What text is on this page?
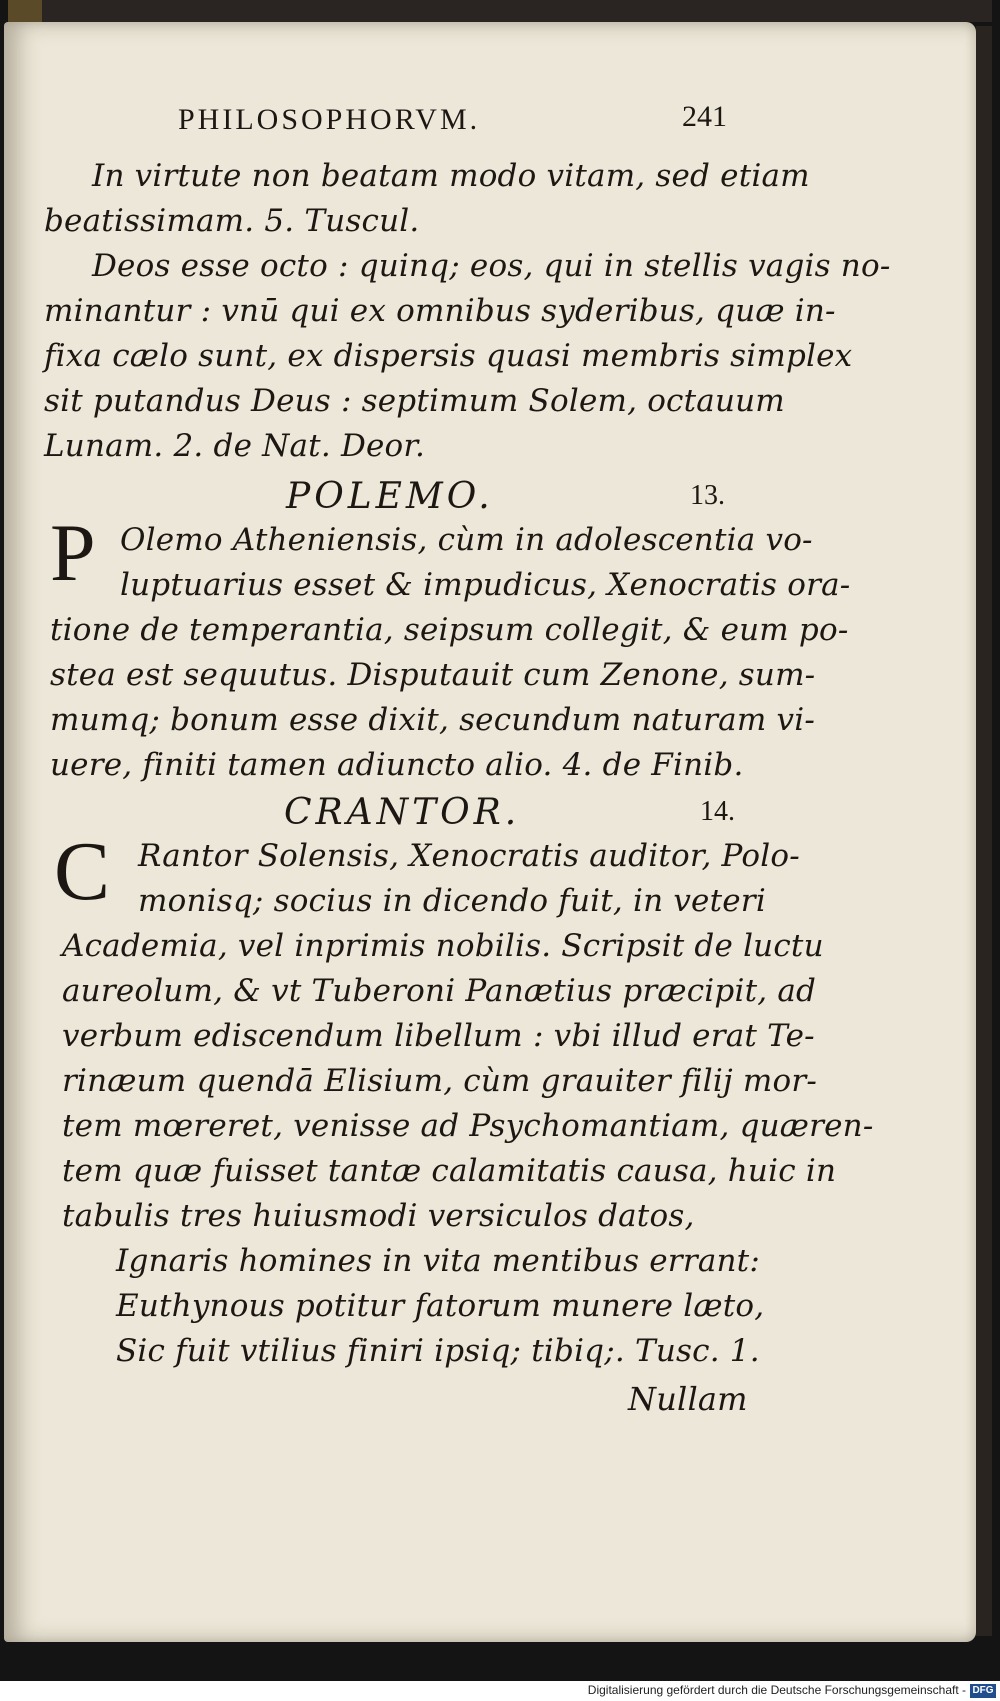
PHILOSOPHORVM.	241
In virtute non beatam modo vitam, sed etiam
beatissimam. 5. Tuscul.
Deos esse octo : quinq; eos, qui in stellis vagis no-
minantur : vnū qui ex omnibus syderibus, quæ in-
fixa cælo sunt, ex dispersis quasi membris simplex
sit putandus Deus : septimum Solem, octauum
Lunam. 2. de Nat. Deor.
POLEMO.	13.
P Olemo Atheniensis, cùm in adolescentia vo-
luptuarius esset & impudicus, Xenocratis ora-
tione de temperantia, seipsum collegit, & eum po-
stea est sequutus. Disputauit cum Zenone, sum-
mumq; bonum esse dixit, secundum naturam vi-
uere, finiti tamen adiuncto alio. 4. de Finib.
CRANTOR.	14.
C Rantor Solensis, Xenocratis auditor, Polo-
monisq; socius in dicendo fuit, in veteri
Academia, vel inprimis nobilis. Scripsit de luctu
aureolum, & vt Tuberoni Panætius præcipit, ad
verbum ediscendum libellum : vbi illud erat Te-
rinæum quendā Elisium, cùm grauiter filij mor-
tem mœreret, venisse ad Psychomantiam, quæren-
tem quæ fuisset tantæ calamitatis causa, huic in
tabulis tres huiusmodi versiculos datos,
Ignaris homines in vita mentibus errant:
Euthynous potitur fatorum munere læto,
Sic fuit vtilius finiri ipsiq; tibiq;. Tusc. 1.
Nullam
Digitalisierung gefördert durch die Deutsche Forschungsgemeinschaft - DFG
